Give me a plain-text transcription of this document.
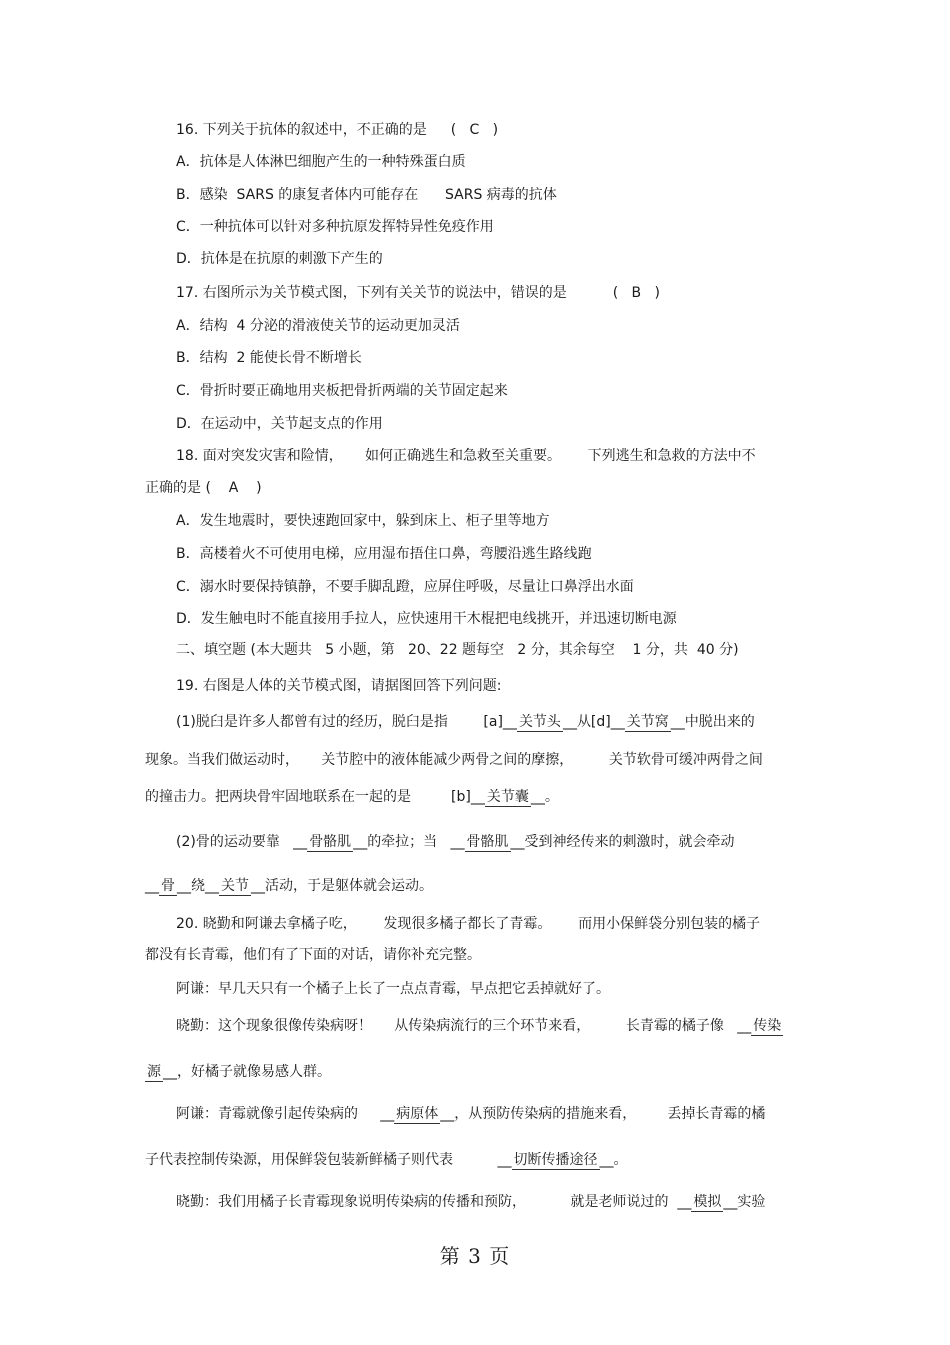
16. 下列关于抗体的叙述中，不正确的是 (   C   )
A．抗体是人体淋巴细胞产生的一种特殊蛋白质
B．感染  SARS 的康复者体内可能存在      SARS 病毒的抗体
C．一种抗体可以针对多种抗原发挥特异性免疫作用
D．抗体是在抗原的刺激下产生的
17. 右图所示为关节模式图，下列有关关节的说法中，错误的是	(   B   )
A．结构  4 分泌的滑液使关节的运动更加灵活
B．结构  2 能使长骨不断增长
C．骨折时要正确地用夹板把骨折两端的关节固定起来
D．在运动中，关节起支点的作用
18. 面对突发灾害和险情，     如何正确逃生和急救至关重要。      下列逃生和急救的方法中不
正确的是 (    A    )
A．发生地震时，要快速跑回家中，躲到床上、柜子里等地方
B．高楼着火不可使用电梯，应用湿布捂住口鼻，弯腰沿逃生路线跑
C．溺水时要保持镇静，不要手脚乱蹬，应屏住呼吸，尽量让口鼻浮出水面
D．发生触电时不能直接用手拉人，应快速用干木棍把电线挑开，并迅速切断电源
二、填空题 (本大题共   5 小题，第   20、22 题每空   2 分，其余每空    1 分，共  40 分)
19. 右图是人体的关节模式图，请据图回答下列问题:
(1)脱臼是许多人都曾有过的经历，脱臼是指        [a]__ 关节头 __从[d]__ 关节窝 __中脱出来的
现象。当我们做运动时，     关节腔中的液体能减少两骨之间的摩擦，        关节软骨可缓冲两骨之间
的撞击力。把两块骨牢固地联系在一起的是         [b]__ 关节囊 __。
(2)骨的运动要靠   __ 骨骼肌 __的牵拉；当   __ 骨骼肌 __受到神经传来的刺激时，就会牵动
__ 骨 __绕__ 关节 __活动，于是躯体就会运动。
20. 晓勤和阿谦去拿橘子吃，      发现很多橘子都长了青霉。      而用小保鲜袋分别包装的橘子
都没有长青霉，他们有了下面的对话，请你补充完整。
阿谦：早几天只有一个橘子上长了一点点青霉，早点把它丢掉就好了。
晓勤：这个现象很像传染病呀！     从传染病流行的三个环节来看，        长青霉的橘子像   __ 传染
源 __，好橘子就像易感人群。
阿谦：青霉就像引起传染病的     __ 病原体 __，从预防传染病的措施来看，       丢掉长青霉的橘
子代表控制传染源，用保鲜袋包装新鲜橘子则代表          __ 切断传播途径 __。
晓勤：我们用橘子长青霉现象说明传染病的传播和预防，          就是老师说过的  __ 模拟 __实验
第 3 页
